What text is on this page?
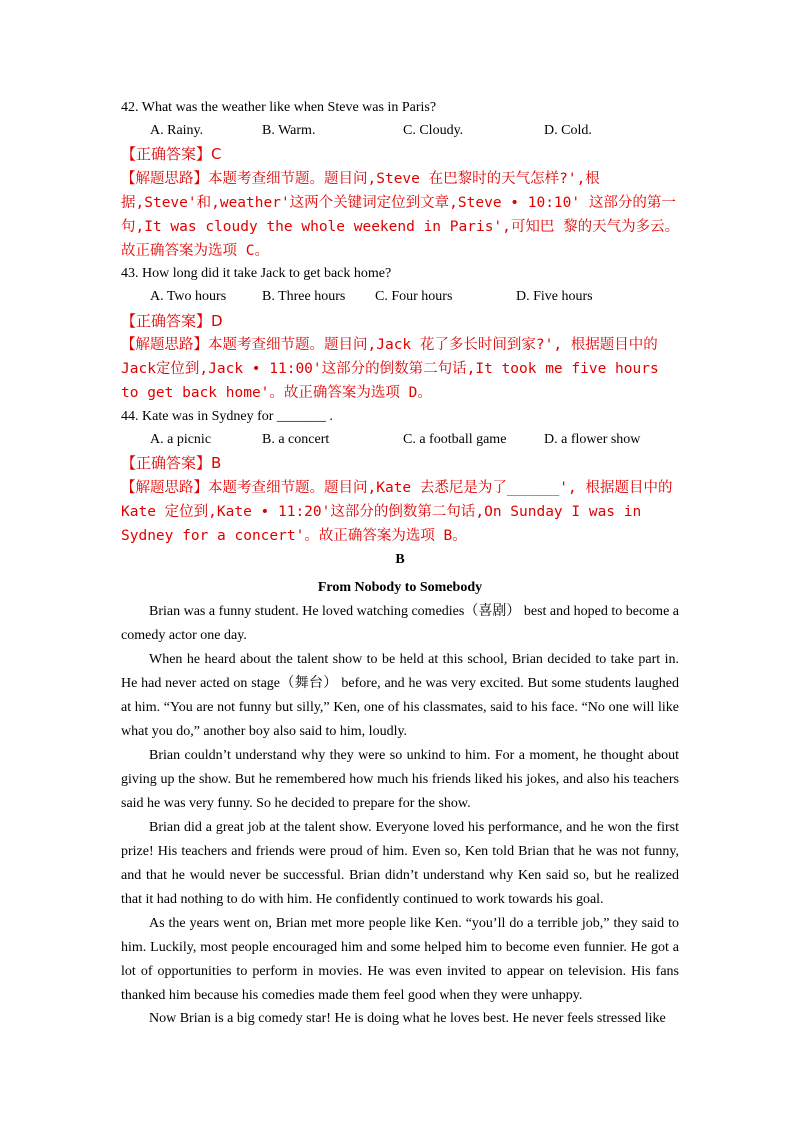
42. What was the weather like when Steve was in Paris?
A. Rainy.	B. Warm.	C. Cloudy.	D. Cold.
【正确答案】C
【解题思路】本题考查细节题。题目问,Steve 在巴黎时的天气怎样?',根据,Steve'和,weather'这两个关键词定位到文章,Steve • 10:10' 这部分的第一句,It was cloudy the whole weekend in Paris',可知巴 黎的天气为多云。故正确答案为选项 C。
43. How long did it take Jack to get back home?
A. Two hours	B. Three hours C. Four hours	D. Five hours
【正确答案】D
【解题思路】本题考查细节题。题目问,Jack 花了多长时间到家?', 根据题目中的Jack定位到,Jack • 11:00'这部分的倒数第二句话,It took me five hours to get back home'。故正确答案为选项 D。
44. Kate was in Sydney for _______ .
A. a picnic	B. a concert	C. a football game	D. a flower show
【正确答案】B
【解题思路】本题考查细节题。题目问,Kate 去悉尼是为了______', 根据题目中的 Kate 定位到,Kate • 11:20'这部分的倒数第二句话,On Sunday I was in Sydney for a concert'。故正确答案为选项 B。
B
From Nobody to Somebody
Brian was a funny student. He loved watching comedies（喜剧） best and hoped to become a comedy actor one day.
When he heard about the talent show to be held at this school, Brian decided to take part in. He had never acted on stage（舞台） before, and he was very excited. But some students laughed at him. “You are not funny but silly,” Ken, one of his classmates, said to his face. “No one will like what you do,” another boy also said to him, loudly.
Brian couldn’t understand why they were so unkind to him. For a moment, he thought about giving up the show. But he remembered how much his friends liked his jokes, and also his teachers said he was very funny. So he decided to prepare for the show.
Brian did a great job at the talent show. Everyone loved his performance, and he won the first prize! His teachers and friends were proud of him. Even so, Ken told Brian that he was not funny, and that he would never be successful. Brian didn’t understand why Ken said so, but he realized that it had nothing to do with him. He confidently continued to work towards his goal.
As the years went on, Brian met more people like Ken. “you’ll do a terrible job,” they said to him. Luckily, most people encouraged him and some helped him to become even funnier. He got a lot of opportunities to perform in movies. He was even invited to appear on television. His fans thanked him because his comedies made them feel good when they were unhappy.
Now Brian is a big comedy star! He is doing what he loves best. He never feels stressed like
